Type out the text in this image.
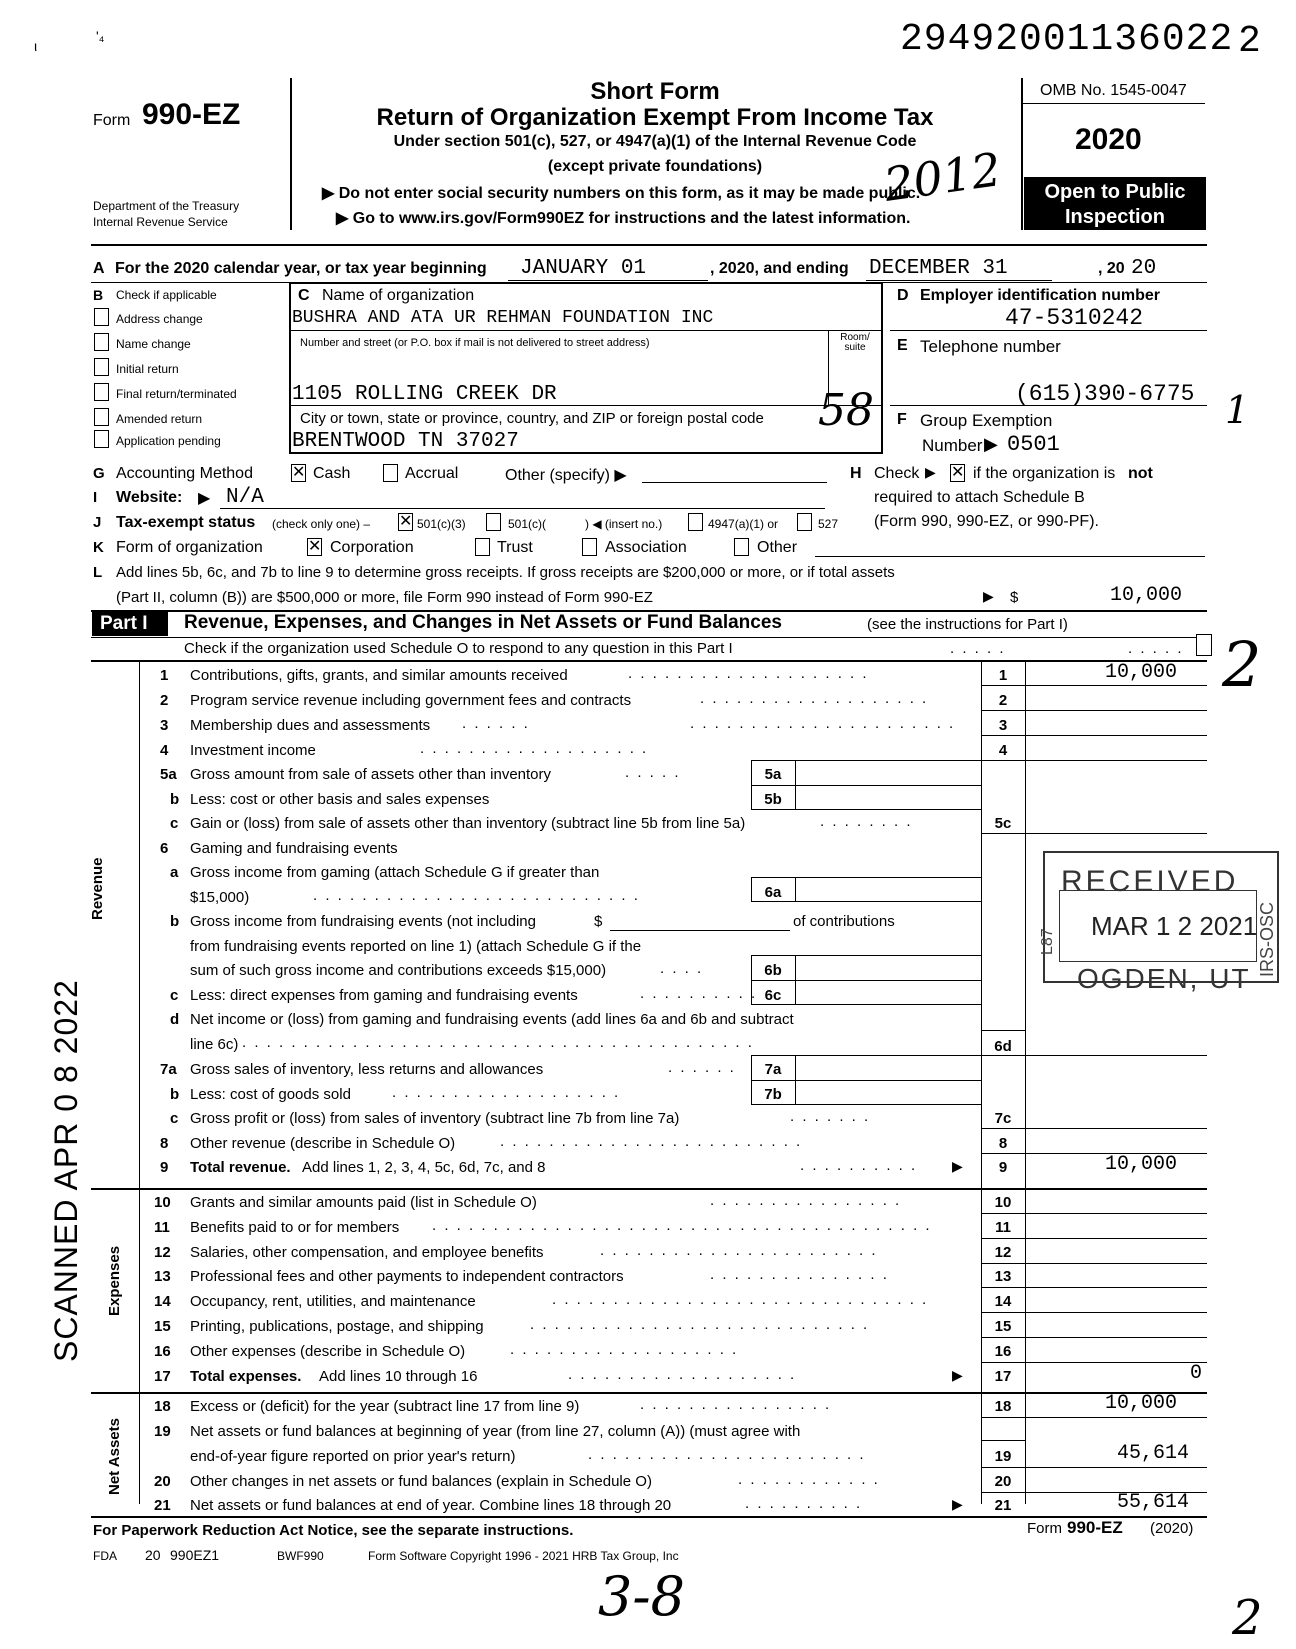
ι
ʹ₄	29492001136022 2
Form 990-EZ
Department of the Treasury
Internal Revenue Service
Short Form
Return of Organization Exempt From Income Tax
Under section 501(c), 527, or 4947(a)(1) of the Internal Revenue Code
(except private foundations)
▶ Do not enter social security numbers on this form, as it may be made public.
▶ Go to www.irs.gov/Form990EZ for instructions and the latest information.
OMB No. 1545-0047
2020
Open to Public
Inspection
A For the 2020 calendar year, or tax year beginning JANUARY 01	, 2020, and ending DECEMBER 31	, 20 20
B Check if applicable
Address change
Name change
Initial return
Final return/terminated
Amended return
Application pending
C Name of organization
BUSHRA AND ATA UR REHMAN FOUNDATION INC
Number and street (or P.O. box if mail is not delivered to street address)	Room/ suite
1105 ROLLING CREEK DR
City or town, state or province, country, and ZIP or foreign postal code
BRENTWOOD TN 37027
D Employer identification number
47-5310242
E Telephone number
(615)390-6775
F Group Exemption
Number ▶ 0501
1
G Accounting Method ✕ Cash	Accrual	Other (specify) ▶	H Check ▶ ✕ if the organization is not
required to attach Schedule B
(Form 990, 990-EZ, or 990-PF).
I Website: ▶ N/A
J Tax-exempt status (check only one) – ✕ 501(c)(3)	501(c)(	) ◀ (insert no.)	4947(a)(1) or	527
K Form of organization	✕ Corporation	Trust	Association	Other
L Add lines 5b, 6c, and 7b to line 9 to determine gross receipts. If gross receipts are $200,000 or more, or if total assets
(Part II, column (B)) are $500,000 or more, file Form 990 instead of Form 990-EZ	▶ $	10,000
Part I Revenue, Expenses, and Changes in Net Assets or Fund Balances	(see the instructions for Part I)
Check if the organization used Schedule O to respond to any question in this Part I	. . . . .	. . . . .
Revenue
Expenses
Net Assets
1 Contributions, gifts, grants, and similar amounts received	. . . . . . . . . . . . . . . . . . . .	1	10,000
2 Program service revenue including government fees and contracts	. . . . . . . . . . . . . . . . . . .	2
3 Membership dues and assessments . . . . . .	. . . . . . . . . . . . . . . . . . . . . .	3
4 Investment income	. . . . . . . . . . . . . . . . . . .	4
5a Gross amount from sale of assets other than inventory	. . . . .	5a
b Less: cost or other basis and sales expenses	5b
c Gain or (loss) from sale of assets other than inventory (subtract line 5b from line 5a)	. . . . . . . .	5c
6 Gaming and fundraising events
a Gross income from gaming (attach Schedule G if greater than
$15,000)	. . . . . . . . . . . . . . . . . . . . . . . . . . .	6a
b Gross income from fundraising events (not including	$	of contributions
from fundraising events reported on line 1) (attach Schedule G if the
sum of such gross income and contributions exceeds $15,000)	. . . .	6b
c Less: direct expenses from gaming and fundraising events	. . . . . . . . . . 6c
d Net income or (loss) from gaming and fundraising events (add lines 6a and 6b and subtract
line 6c) . . . . . . . . . . . . . . . . . . . . . . . . . . . . . . . . . . . . . . . . . .	6d
7a Gross sales of inventory, less returns and allowances	. . . . . .	7a
b Less: cost of goods sold	. . . . . . . . . . . . . . . . . . .	7b
c Gross profit or (loss) from sales of inventory (subtract line 7b from line 7a)	. . . . . . .	7c
8 Other revenue (describe in Schedule O)	. . . . . . . . . . . . . . . . . . . . . . . . .	8
9 Total revenue. Add lines 1, 2, 3, 4, 5c, 6d, 7c, and 8	. . . . . . . . . . ▶	9	10,000
10 Grants and similar amounts paid (list in Schedule O)	. . . . . . . . . . . . . . . .	10
11 Benefits paid to or for members . . . . . . . . . . . . . . . . . . . . . . . . . . . . . . . . . . . . . . . . .	11
12 Salaries, other compensation, and employee benefits	. . . . . . . . . . . . . . . . . . . . . . .	12
13 Professional fees and other payments to independent contractors	. . . . . . . . . . . . . . .	13
14 Occupancy, rent, utilities, and maintenance	. . . . . . . . . . . . . . . . . . . . . . . . . . . . . . .	14
15 Printing, publications, postage, and shipping	. . . . . . . . . . . . . . . . . . . . . . . . . . . .	15
16 Other expenses (describe in Schedule O)	. . . . . . . . . . . . . . . . . . .	16
17 Total expenses. Add lines 10 through 16	. . . . . . . . . . . . . . . . . . .	▶	17	0
18 Excess or (deficit) for the year (subtract line 17 from line 9)	. . . . . . . . . . . . . . . .	18	10,000
19 Net assets or fund balances at beginning of year (from line 27, column (A)) (must agree with
end-of-year figure reported on prior year's return)	. . . . . . . . . . . . . . . . . . . . . . .	19	45,614
20 Other changes in net assets or fund balances (explain in Schedule O)	. . . . . . . . . . . .	20
21 Net assets or fund balances at end of year. Combine lines 18 through 20	. . . . . . . . . .	▶	21	55,614
For Paperwork Reduction Act Notice, see the separate instructions.	Form 990-EZ (2020)
FDA 20 990EZ1	BWF990	Form Software Copyright 1996 - 2021 HRB Tax Group, Inc
RECEIVED
MAR 1 2 2021
OGDEN, UT
L87	IRS-OSC
SCANNED APR 0 8 2022
2012
58
2
3-8	2
